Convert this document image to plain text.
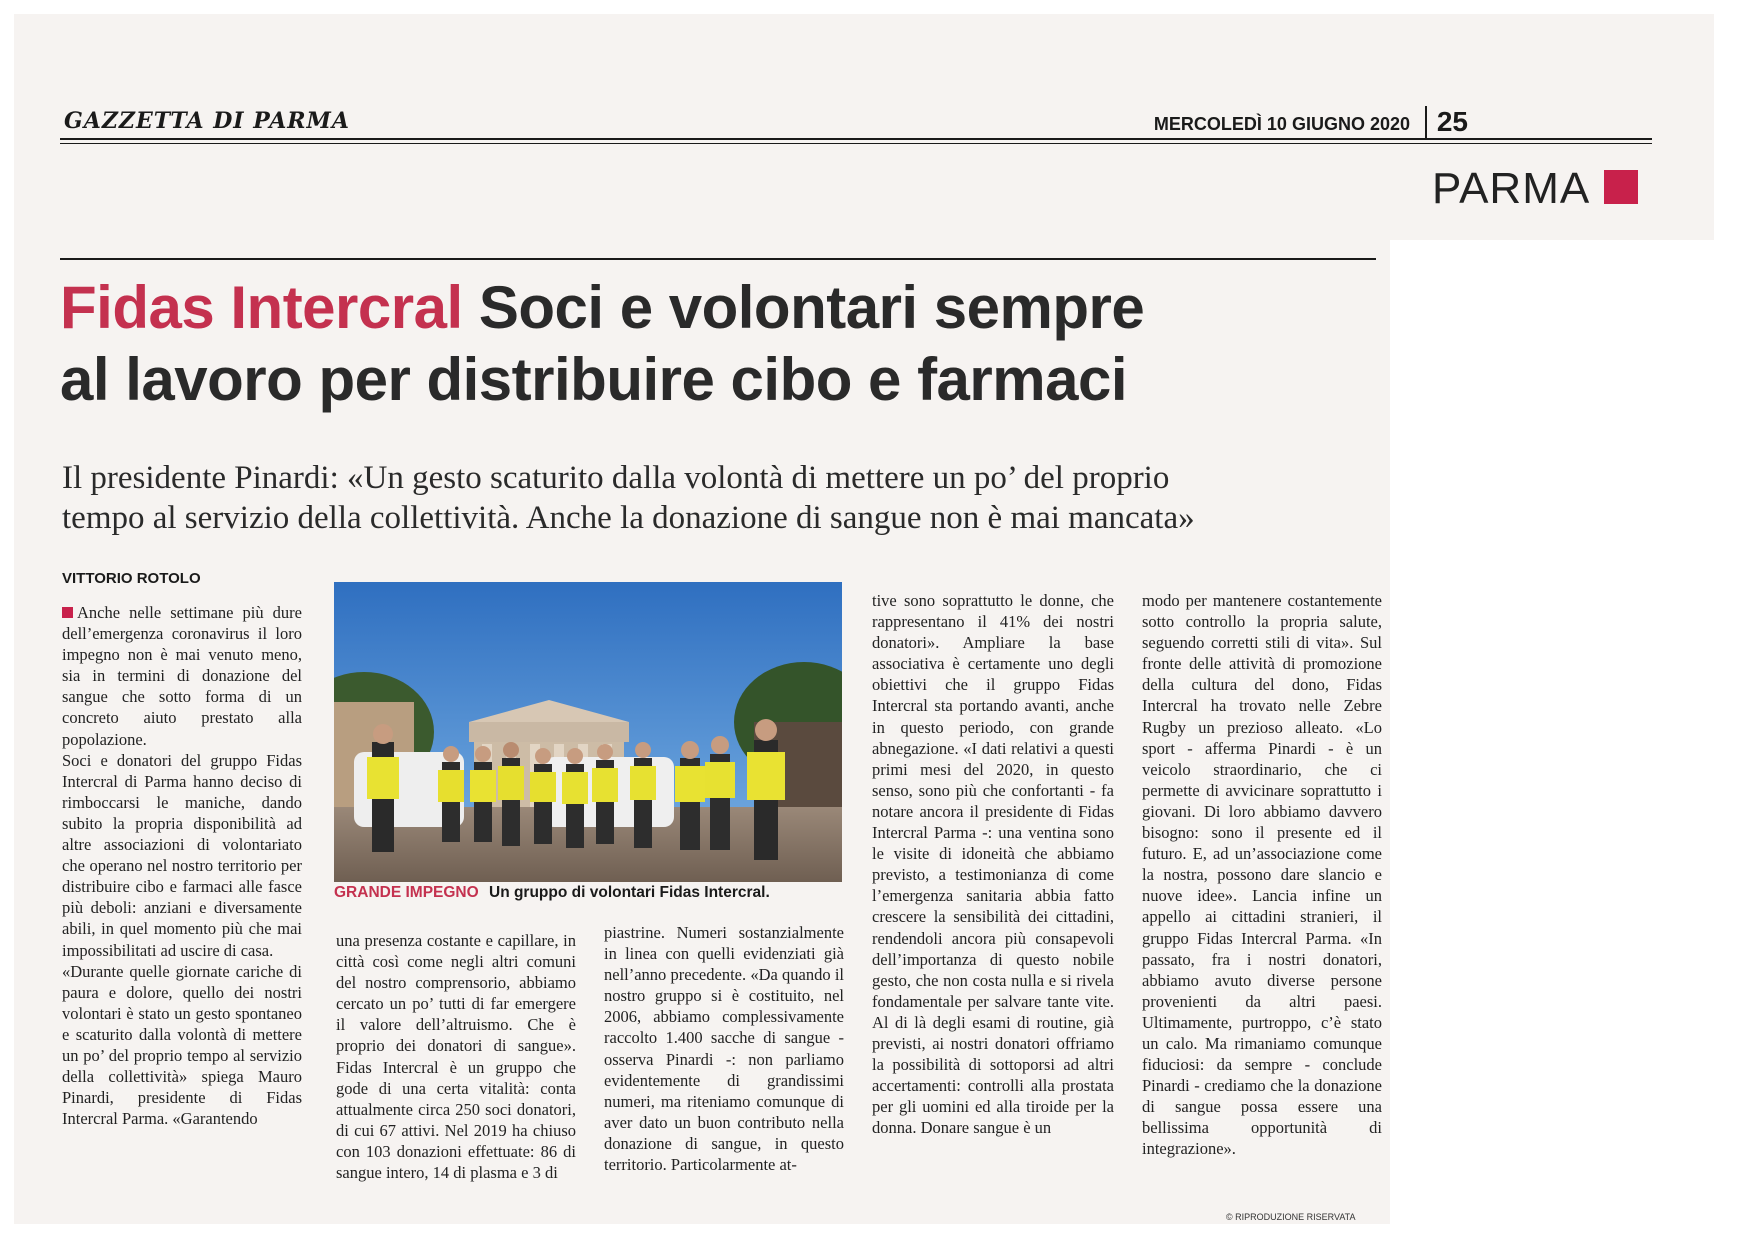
GAZZETTA DI PARMA	MERCOLEDÌ 10 GIUGNO 2020 25
PARMA
Fidas Intercral Soci e volontari sempre
al lavoro per distribuire cibo e farmaci
Il presidente Pinardi: «Un gesto scaturito dalla volontà di mettere un po’ del proprio
tempo al servizio della collettività. Anche la donazione di sangue non è mai mancata»
VITTORIO ROTOLO

Anche nelle settimane più dure dell’emergenza coronavirus il loro impegno non è mai venuto meno, sia in termini di donazione del sangue che sotto forma di un concreto aiuto prestato alla popolazione.

Soci e donatori del gruppo Fidas Intercral di Parma hanno deciso di rimboccarsi le maniche, dando subito la propria disponibilità ad altre associazioni di volontariato che operano nel nostro territorio per distribuire cibo e farmaci alle fasce più deboli: anziani e diversamente abili, in quel momento più che mai impossibilitati ad uscire di casa.

«Durante quelle giornate cariche di paura e dolore, quello dei nostri volontari è stato un gesto spontaneo e scaturito dalla volontà di mettere un po’ del proprio tempo al servizio della collettività» spiega Mauro Pinardi, presidente di Fidas Intercral Parma. «Garantendo

GRANDE IMPEGNO Un gruppo di volontari Fidas Intercral.

una presenza costante e capillare, in città così come negli altri comuni del nostro comprensorio, abbiamo cercato un po’ tutti di far emergere il valore dell’altruismo. Che è proprio dei donatori di sangue». Fidas Intercral è un gruppo che gode di una certa vitalità: conta attualmente circa 250 soci donatori, di cui 67 attivi. Nel 2019 ha chiuso con 103 donazioni effettuate: 86 di sangue intero, 14 di plasma e 3 di

piastrine. Numeri sostanzialmente in linea con quelli evidenziati già nell’anno precedente. «Da quando il nostro gruppo si è costituito, nel 2006, abbiamo complessivamente raccolto 1.400 sacche di sangue - osserva Pinardi -: non parliamo evidentemente di grandissimi numeri, ma riteniamo comunque di aver dato un buon contributo nella donazione di sangue, in questo territorio. Particolarmente at-

tive sono soprattutto le donne, che rappresentano il 41% dei nostri donatori». Ampliare la base associativa è certamente uno degli obiettivi che il gruppo Fidas Intercral sta portando avanti, anche in questo periodo, con grande abnegazione. «I dati relativi a questi primi mesi del 2020, in questo senso, sono più che confortanti - fa notare ancora il presidente di Fidas Intercral Parma -: una ventina sono le visite di idoneità che abbiamo previsto, a testimonianza di come l’emergenza sanitaria abbia fatto crescere la sensibilità dei cittadini, rendendoli ancora più consapevoli dell’importanza di questo nobile gesto, che non costa nulla e si rivela fondamentale per salvare tante vite. Al di là degli esami di routine, già previsti, ai nostri donatori offriamo la possibilità di sottoporsi ad altri accertamenti: controlli alla prostata per gli uomini ed alla tiroide per la donna. Donare sangue è un

modo per mantenere costantemente sotto controllo la propria salute, seguendo corretti stili di vita». Sul fronte delle attività di promozione della cultura del dono, Fidas Intercral ha trovato nelle Zebre Rugby un prezioso alleato. «Lo sport - afferma Pinardi - è un veicolo straordinario, che ci permette di avvicinare soprattutto i giovani. Di loro abbiamo davvero bisogno: sono il presente ed il futuro. E, ad un’associazione come la nostra, possono dare slancio e nuove idee». Lancia infine un appello ai cittadini stranieri, il gruppo Fidas Intercral Parma. «In passato, fra i nostri donatori, abbiamo avuto diverse persone provenienti da altri paesi. Ultimamente, purtroppo, c’è stato un calo. Ma rimaniamo comunque fiduciosi: da sempre - conclude Pinardi - crediamo che la donazione di sangue possa essere una bellissima opportunità di integrazione».

© RIPRODUZIONE RISERVATA
